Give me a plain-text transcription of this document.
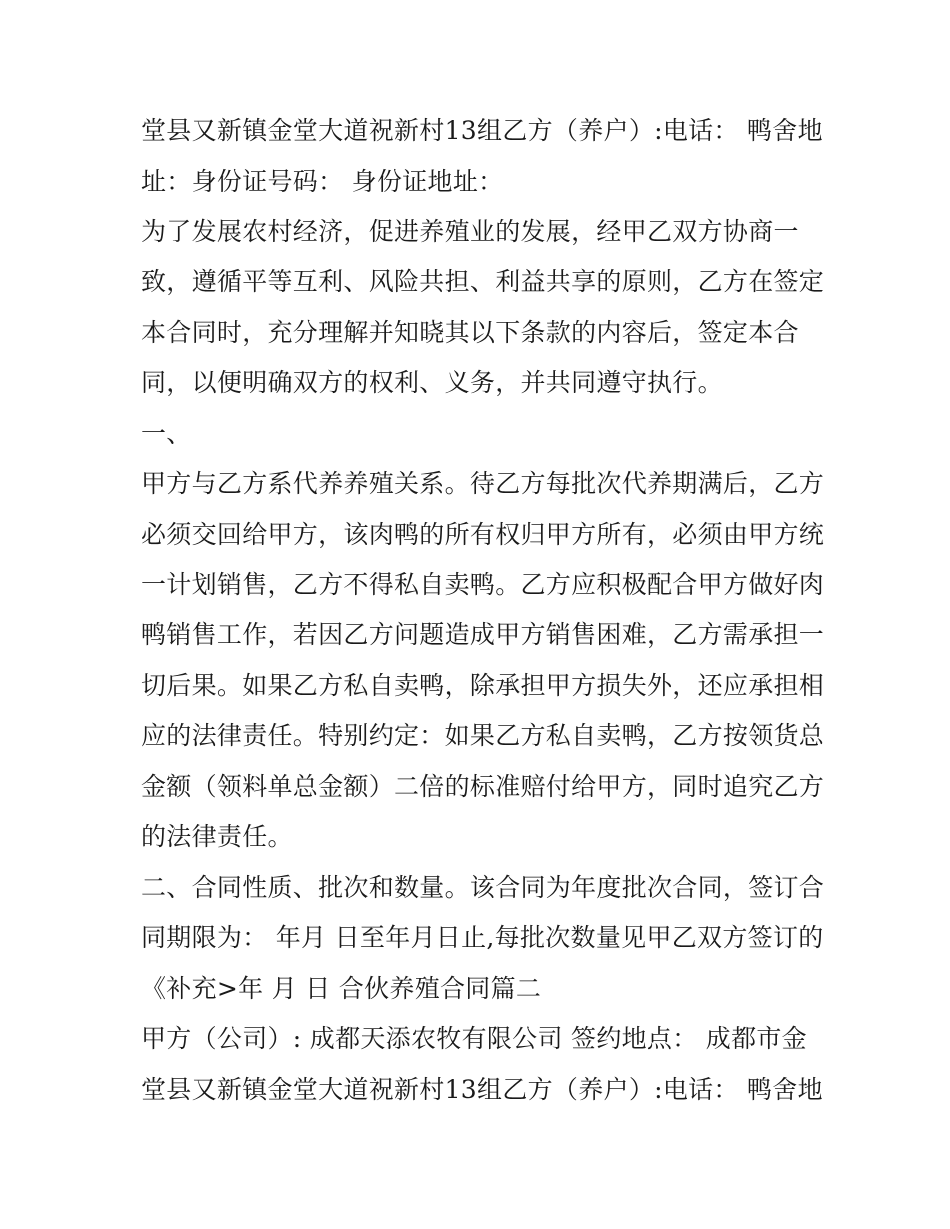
堂县又新镇金堂大道祝新村13组乙方（养户）:电话： 鸭舍地
址：身份证号码： 身份证地址：
为了发展农村经济，促进养殖业的发展，经甲乙双方协商一
致，遵循平等互利、风险共担、利益共享的原则，乙方在签定
本合同时，充分理解并知晓其以下条款的内容后，签定本合
同，以便明确双方的权利、义务，并共同遵守执行。
一、
甲方与乙方系代养养殖关系。待乙方每批次代养期满后，乙方
必须交回给甲方，该肉鸭的所有权归甲方所有，必须由甲方统
一计划销售，乙方不得私自卖鸭。乙方应积极配合甲方做好肉
鸭销售工作，若因乙方问题造成甲方销售困难，乙方需承担一
切后果。如果乙方私自卖鸭，除承担甲方损失外，还应承担相
应的法律责任。特别约定：如果乙方私自卖鸭，乙方按领货总
金额（领料单总金额）二倍的标准赔付给甲方，同时追究乙方
的法律责任。
二、合同性质、批次和数量。该合同为年度批次合同，签订合
同期限为： 年月 日至年月日止,每批次数量见甲乙双方签订的
《补充>年 月 日 合伙养殖合同篇二
甲方（公司）: 成都天添农牧有限公司 签约地点： 成都市金
堂县又新镇金堂大道祝新村13组乙方（养户）:电话： 鸭舍地
